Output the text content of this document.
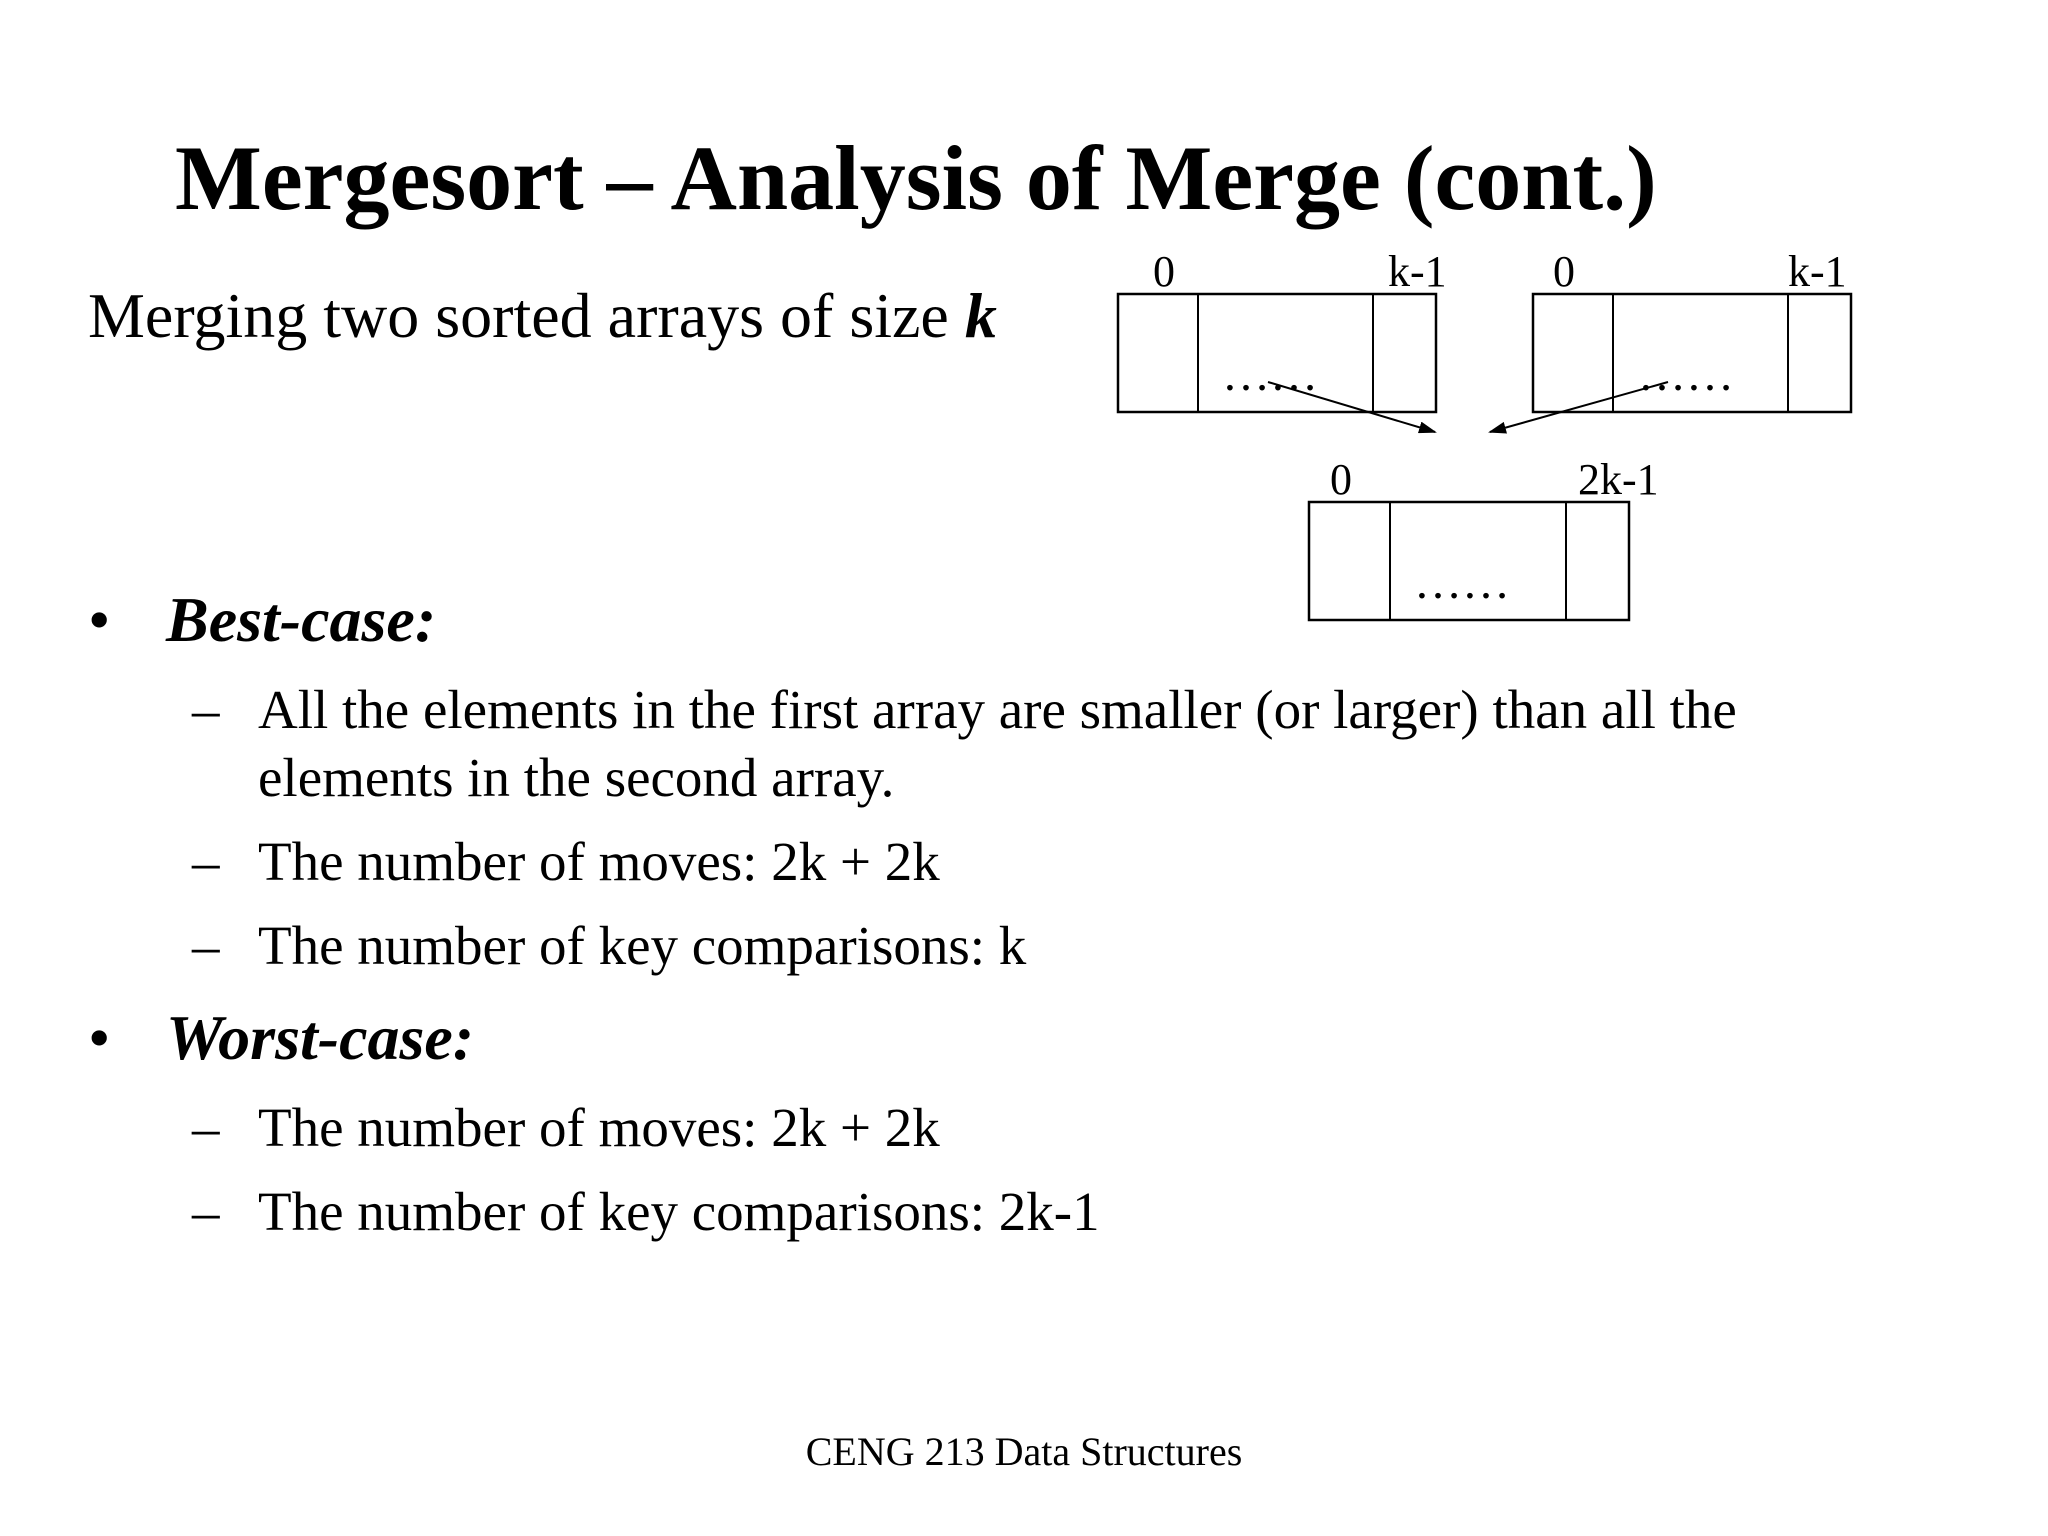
Mergesort – Analysis of Merge (cont.)
Merging two sorted arrays of size k
0	k-1
……
0	k-1
……
0	2k-1
……
• Best-case:
– All the elements in the first array are smaller (or larger) than all the elements in the second array.
– The number of moves: 2k + 2k
– The number of key comparisons: k
• Worst-case:
– The number of moves: 2k + 2k
– The number of key comparisons: 2k-1
CENG 213 Data Structures
